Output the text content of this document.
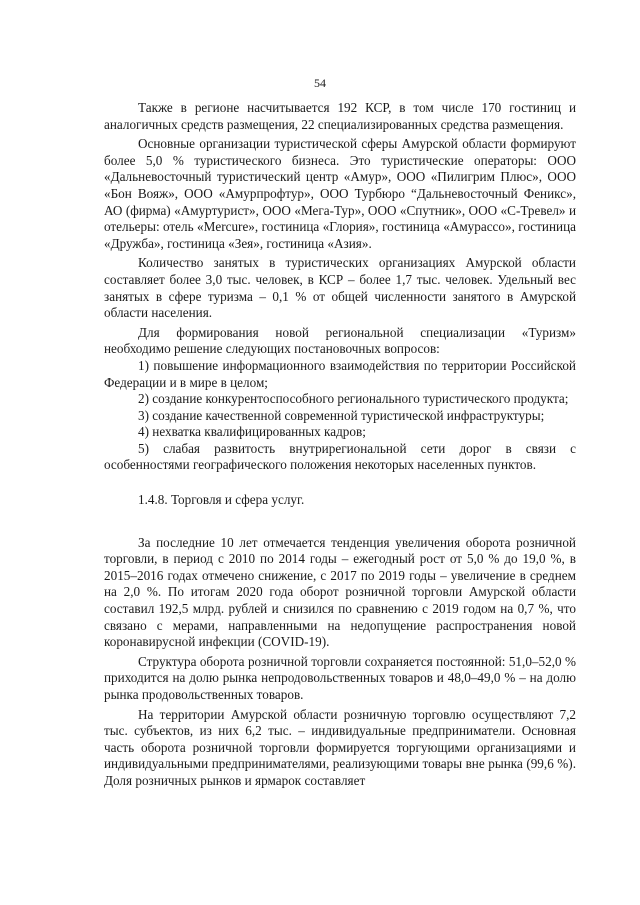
54

Также в регионе насчитывается 192 КСР, в том числе 170 гостиниц и аналогичных средств размещения, 22 специализированных средства размещения.

Основные организации туристической сферы Амурской области формируют более 5,0 % туристического бизнеса. Это туристические операторы: ООО «Дальневосточный туристический центр «Амур», ООО «Пилигрим Плюс», ООО «Бон Вояж», ООО «Амурпрофтур», ООО Турбюро “Дальневосточный Феникс», АО (фирма) «Амуртурист», ООО «Мега-Тур», ООО «Спутник», ООО «С-Тревел» и отельеры: отель «Mercure», гостиница «Глория», гостиница «Амурассо», гостиница «Дружба», гостиница «Зея», гостиница «Азия».

Количество занятых в туристических организациях Амурской области составляет более 3,0 тыс. человек, в КСР – более 1,7 тыс. человек. Удельный вес занятых в сфере туризма – 0,1 % от общей численности занятого в Амурской области населения.

Для формирования новой региональной специализации «Туризм» необходимо решение следующих постановочных вопросов:

1) повышение информационного взаимодействия по территории Российской Федерации и в мире в целом;

2) создание конкурентоспособного регионального туристического продукта;

3) создание качественной современной туристической инфраструктуры;

4) нехватка квалифицированных кадров;

5) слабая развитость внутрирегиональной сети дорог в связи с особенностями географического положения некоторых населенных пунктов.

1.4.8. Торговля и сфера услуг.

За последние 10 лет отмечается тенденция увеличения оборота розничной торговли, в период с 2010 по 2014 годы – ежегодный рост от 5,0 % до 19,0 %, в 2015–2016 годах отмечено снижение, с 2017 по 2019 годы – увеличение в среднем на 2,0 %. По итогам 2020 года оборот розничной торговли Амурской области составил 192,5 млрд. рублей и снизился по сравнению с 2019 годом на 0,7 %, что связано с мерами, направленными на недопущение распространения новой коронавирусной инфекции (COVID-19).

Структура оборота розничной торговли сохраняется постоянной: 51,0–52,0 % приходится на долю рынка непродовольственных товаров и 48,0–49,0 % – на долю рынка продовольственных товаров.

На территории Амурской области розничную торговлю осуществляют 7,2 тыс. субъектов, из них 6,2 тыс. – индивидуальные предприниматели. Основная часть оборота розничной торговли формируется торгующими организациями и индивидуальными предпринимателями, реализующими товары вне рынка (99,6 %). Доля розничных рынков и ярмарок составляет
